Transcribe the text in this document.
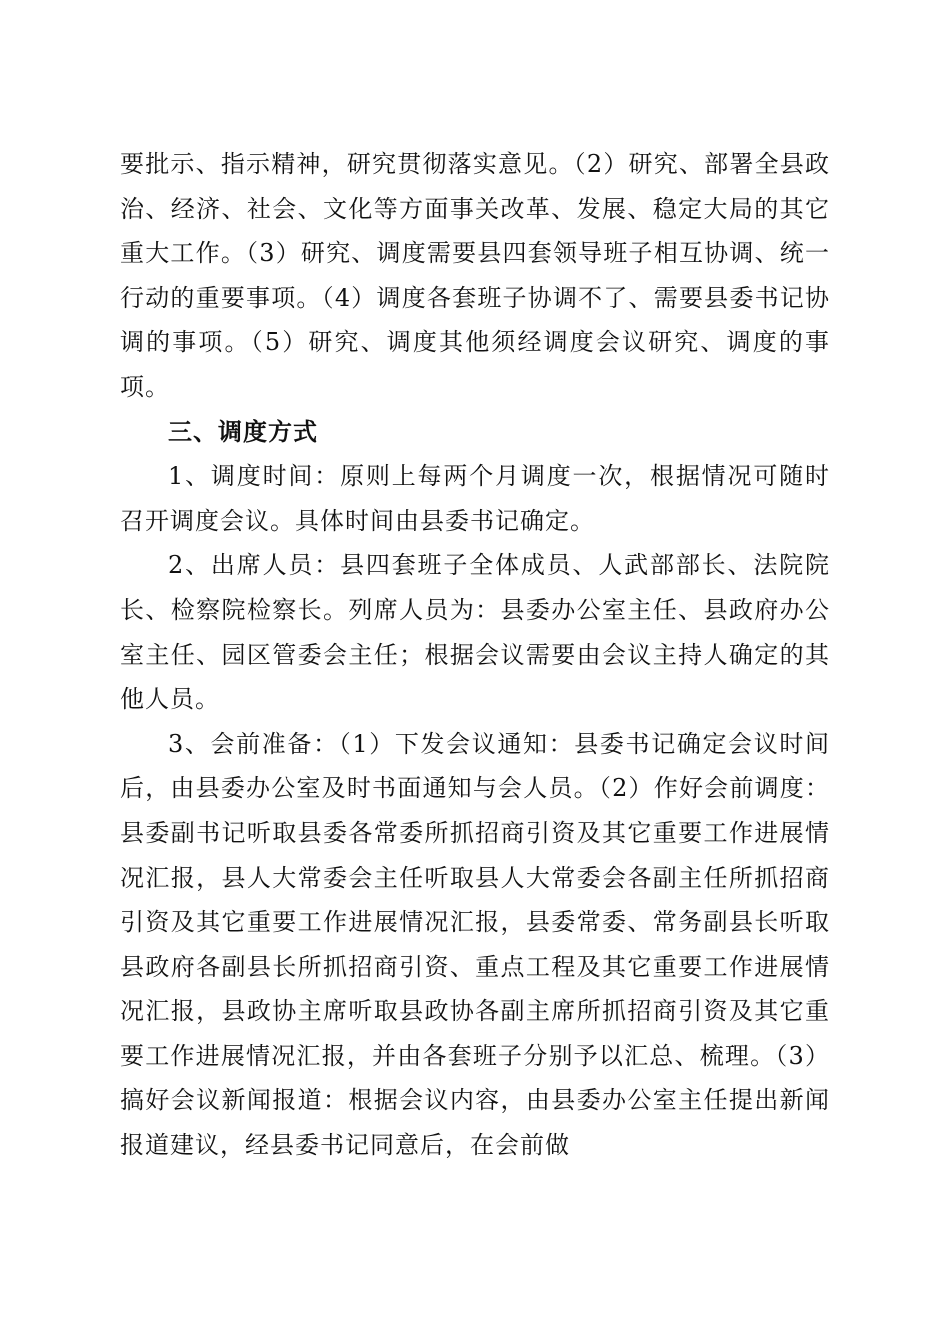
要批示、指示精神，研究贯彻落实意见。（2）研究、部署全县政治、经济、社会、文化等方面事关改革、发展、稳定大局的其它重大工作。（3）研究、调度需要县四套领导班子相互协调、统一行动的重要事项。（4）调度各套班子协调不了、需要县委书记协调的事项。（5）研究、调度其他须经调度会议研究、调度的事项。

三、调度方式

1、调度时间：原则上每两个月调度一次，根据情况可随时召开调度会议。具体时间由县委书记确定。

2、出席人员：县四套班子全体成员、人武部部长、法院院长、检察院检察长。列席人员为：县委办公室主任、县政府办公室主任、园区管委会主任；根据会议需要由会议主持人确定的其他人员。

3、会前准备：（1）下发会议通知：县委书记确定会议时间后，由县委办公室及时书面通知与会人员。（2）作好会前调度：县委副书记听取县委各常委所抓招商引资及其它重要工作进展情况汇报，县人大常委会主任听取县人大常委会各副主任所抓招商引资及其它重要工作进展情况汇报，县委常委、常务副县长听取县政府各副县长所抓招商引资、重点工程及其它重要工作进展情况汇报，县政协主席听取县政协各副主席所抓招商引资及其它重要工作进展情况汇报，并由各套班子分别予以汇总、梳理。（3）搞好会议新闻报道：根据会议内容，由县委办公室主任提出新闻报道建议，经县委书记同意后，在会前做
